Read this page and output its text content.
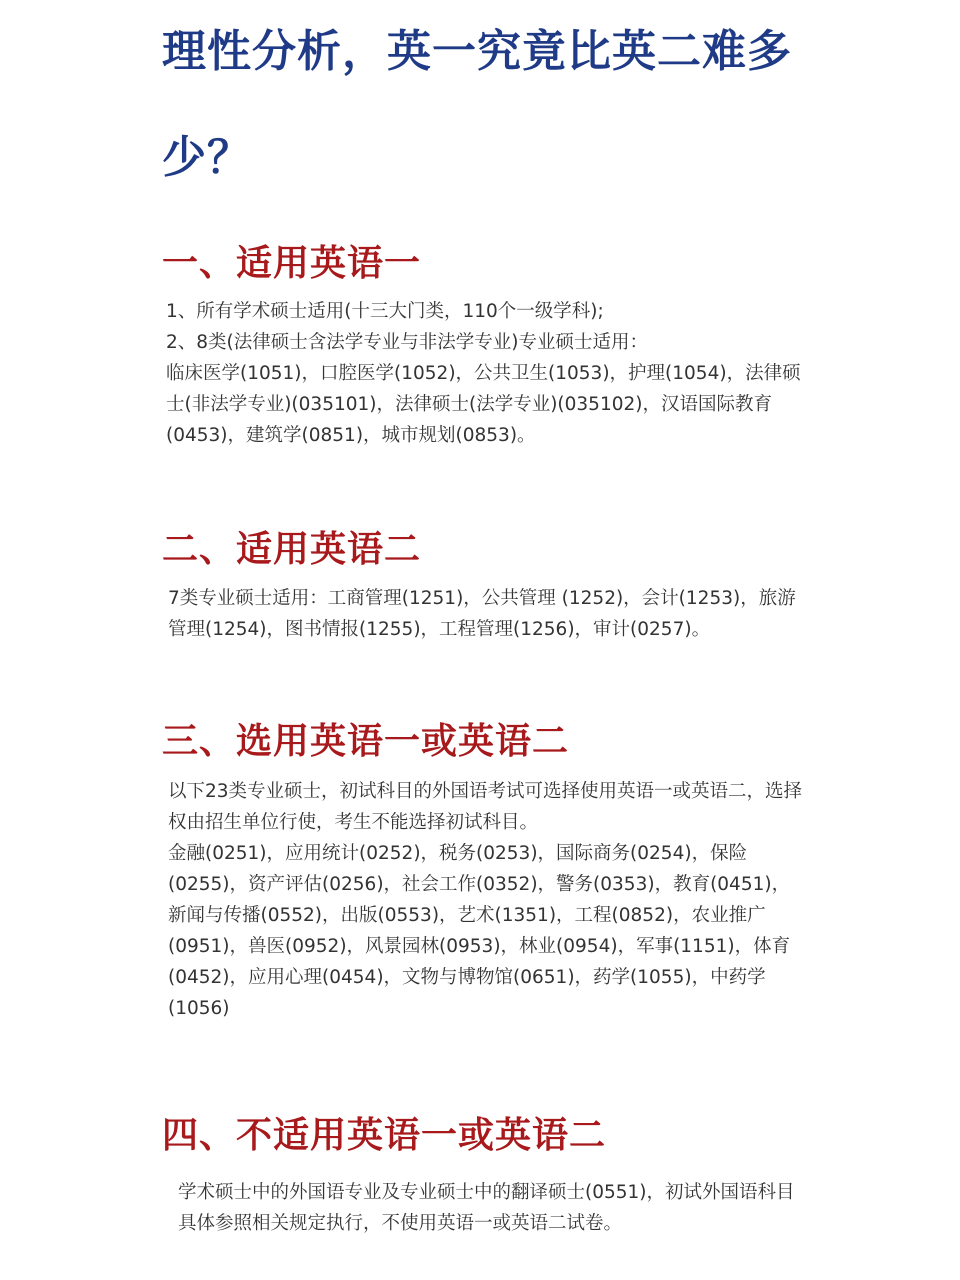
理性分析，英一究竟比英二难多
少？
一、适用英语一

1、所有学术硕士适用(十三大门类，110个一级学科);

2、8类(法律硕士含法学专业与非法学专业)专业硕士适用：

临床医学(1051)，口腔医学(1052)，公共卫生(1053)，护理(1054)，法律硕士(非法学专业)(035101)，法律硕士(法学专业)(035102)，汉语国际教育(0453)，建筑学(0851)，城市规划(0853)。

二、适用英语二

7类专业硕士适用：工商管理(1251)，公共管理 (1252)，会计(1253)，旅游管理(1254)，图书情报(1255)，工程管理(1256)，审计(0257)。

三、选用英语一或英语二

以下23类专业硕士，初试科目的外国语考试可选择使用英语一或英语二，选择权由招生单位行使，考生不能选择初试科目。

金融(0251)，应用统计(0252)，税务(0253)，国际商务(0254)，保险(0255)，资产评估(0256)，社会工作(0352)，警务(0353)，教育(0451)，新闻与传播(0552)，出版(0553)，艺术(1351)，工程(0852)，农业推广(0951)，兽医(0952)，风景园林(0953)，林业(0954)，军事(1151)，体育(0452)，应用心理(0454)，文物与博物馆(0651)，药学(1055)，中药学(1056)

四、不适用英语一或英语二

学术硕士中的外国语专业及专业硕士中的翻译硕士(0551)，初试外国语科目具体参照相关规定执行，不使用英语一或英语二试卷。
